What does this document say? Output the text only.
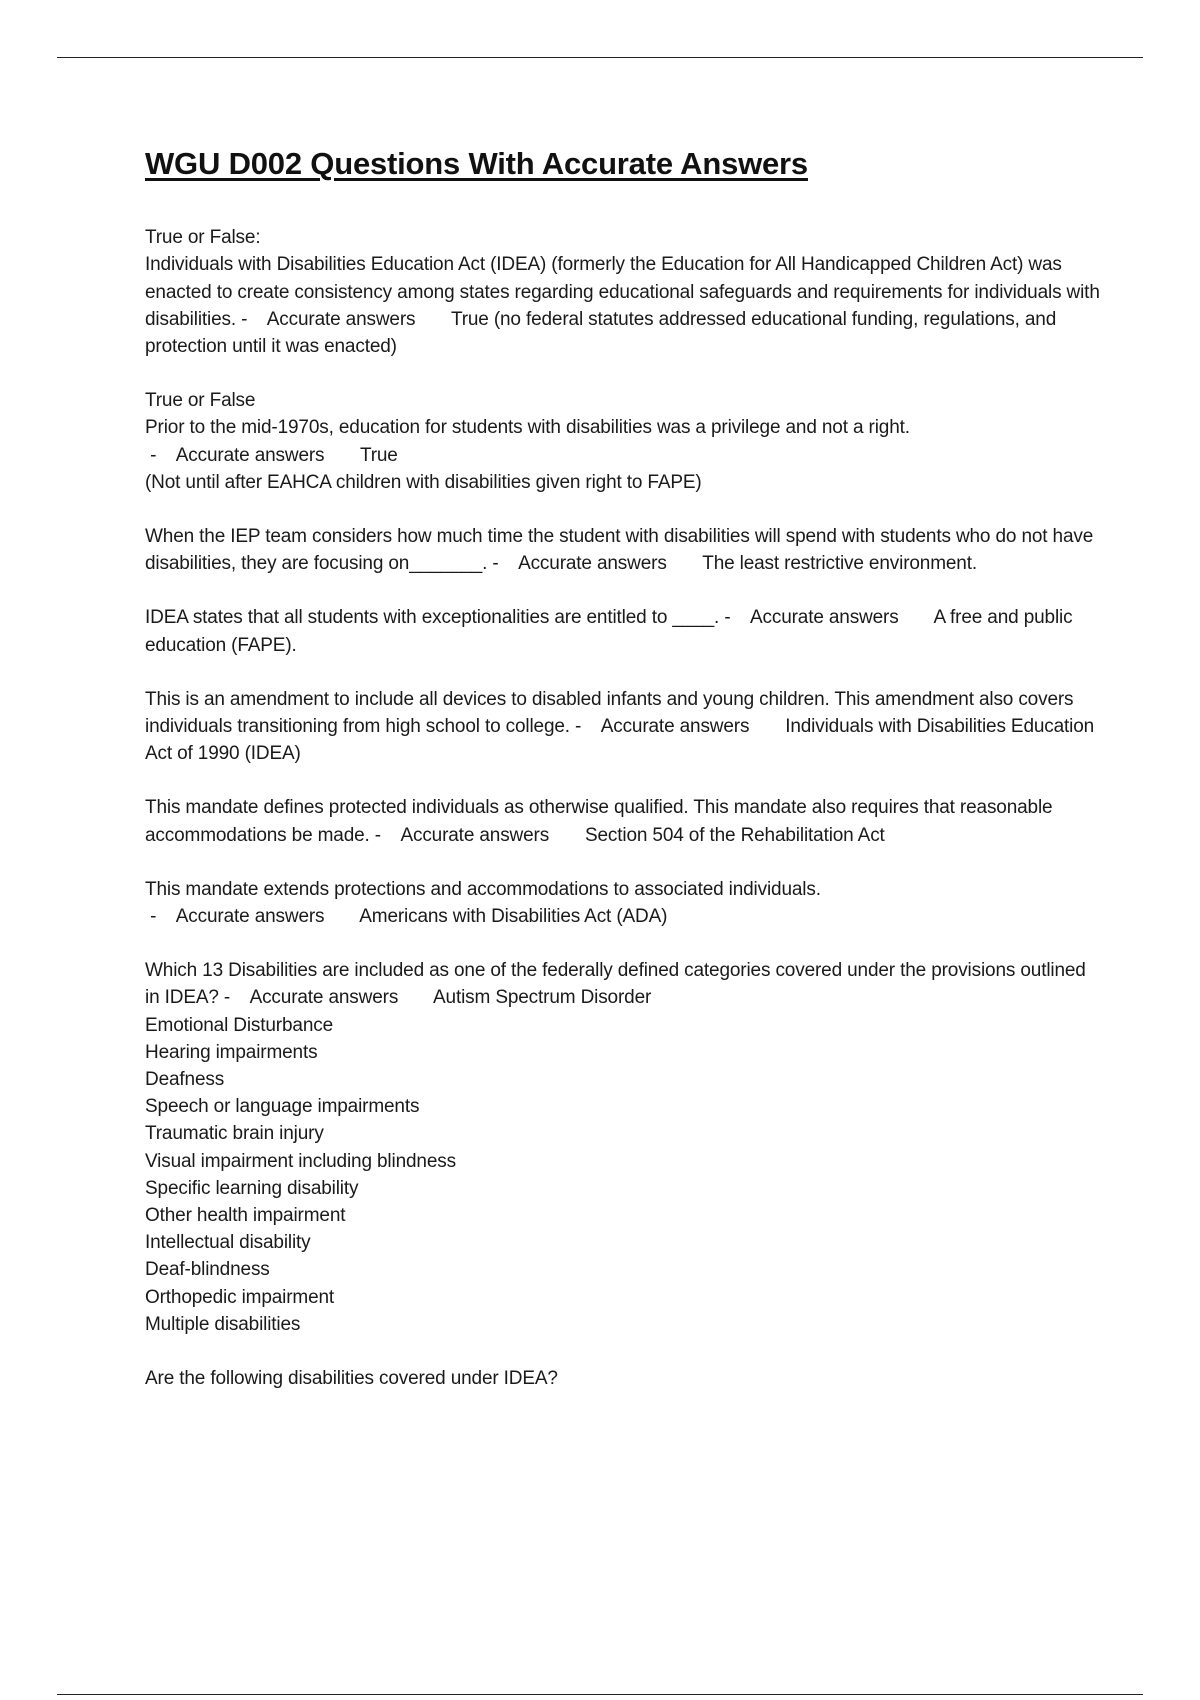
WGU D002 Questions With Accurate Answers
True or False:
Individuals with Disabilities Education Act (IDEA) (formerly the Education for All Handicapped Children Act) was enacted to create consistency among states regarding educational safeguards and requirements for individuals with disabilities. -    Accurate answers True (no federal statutes addressed educational funding, regulations, and protection until it was enacted)
True or False
Prior to the mid-1970s, education for students with disabilities was a privilege and not a right. -    Accurate answers True
(Not until after EAHCA children with disabilities given right to FAPE)
When the IEP team considers how much time the student with disabilities will spend with students who do not have disabilities, they are focusing on_______. -    Accurate answers The least restrictive environment.
IDEA states that all students with exceptionalities are entitled to ____. -    Accurate answers A free and public education (FAPE).
This is an amendment to include all devices to disabled infants and young children. This amendment also covers individuals transitioning from high school to college. -    Accurate answers Individuals with Disabilities Education Act of 1990 (IDEA)
This mandate defines protected individuals as otherwise qualified. This mandate also requires that reasonable accommodations be made. -    Accurate answers Section 504 of the Rehabilitation Act
This mandate extends protections and accommodations to associated individuals. -    Accurate answers Americans with Disabilities Act (ADA)
Which 13 Disabilities are included as one of the federally defined categories covered under the provisions outlined in IDEA? -    Accurate answers Autism Spectrum Disorder
Emotional Disturbance
Hearing impairments
Deafness
Speech or language impairments
Traumatic brain injury
Visual impairment including blindness
Specific learning disability
Other health impairment
Intellectual disability
Deaf-blindness
Orthopedic impairment
Multiple disabilities
Are the following disabilities covered under IDEA?
